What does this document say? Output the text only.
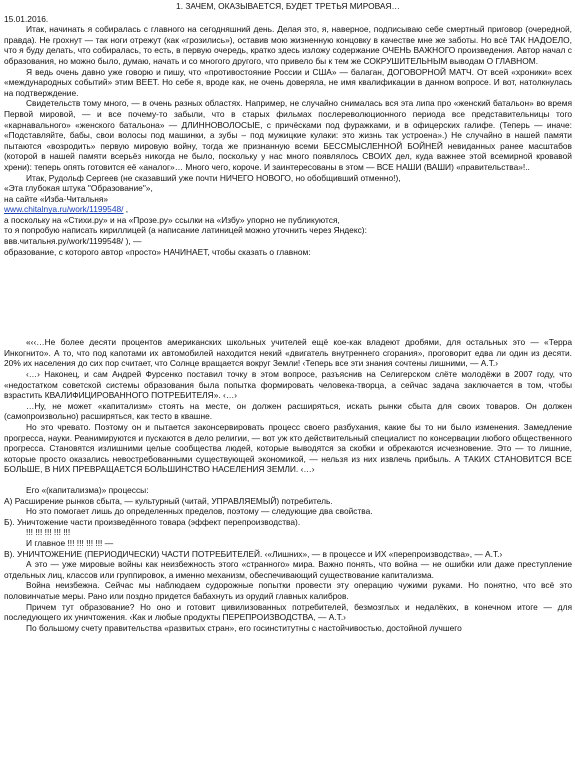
1. ЗАЧЕМ, ОКАЗЫВАЕТСЯ, БУДЕТ ТРЕТЬЯ МИРОВАЯ…

15.01.2016.

Итак, начинать я собиралась с главного на сегодняшний день. Делая это, я, наверное, подписываю себе смертный приговор (очередной, правда). Не грохнут — так ноги отрежут (как «грозились»), оставив мою жизненную концовку в качестве мне же заботы. Но всё ТАК НАДОЕЛО, что я буду делать, что собиралась, то есть, в первую очередь, кратко здесь изложу содержание ОЧЕНЬ ВАЖНОГО произведения. Автор начал с образования, но можно было, думаю, начать и со многого другого, что привело бы к тем же СОКРУШИТЕЛЬНЫМ выводам О ГЛАВНОМ.

Я ведь очень давно уже говорю и пишу, что «противостояние России и США» — балаган, ДОГОВОРНОЙ МАТЧ. От всей «хроники» всех «международных событий» этим ВЕЕТ. Но себе я, вроде как, не очень доверяла, не имя квалификации в данном вопросе. И вот, натолкнулась на подтверждение.

Свидетельств тому много, — в очень разных областях. Например, не случайно снималась вся эта липа про «женский батальон» во время Первой мировой, — и все почему-то забыли, что в старых фильмах послереволюционного периода все представительницы того «карнавального» «женского батальона» — ДЛИННОВОЛОСЫЕ, с причёсками под фуражками, и в офицерских галифе. (Теперь — иначе: «Подставляйте, бабы, свои волосы под машинки, а зубы – под мужицкие кулаки: это жизнь так устроена».) Не случайно в нашей памяти пытаются «возродить» первую мировую войну, тогда же признанную всеми БЕССМЫСЛЕННОЙ БОЙНЕЙ невиданных ранее масштабов (которой в нашей памяти всерьёз никогда не было, поскольку у нас много появлялось СВОИХ дел, куда важнее этой всемирной кровавой хрени): теперь опять готовится её «аналог»… Много чего, короче. И заинтересованы в этом — ВСЕ НАШИ (ВАШИ) «правительства»!..

Итак, Рудольф Сергеев (не сказавший уже почти НИЧЕГО НОВОГО, но обобщивший отменно!),

«Эта глубокая штука "Образование"»,

на сайте «Изба-Читальня»

www.chitalnya.ru/work/1199548/ ,

а поскольку на «Стихи.ру» и на «Прозе.ру» ссылки на «Избу» упорно не публикуются,

то я попробую написать кириллицей (а написание латиницей можно уточнить через Яндекс):

ввв.читальня.ру/work/1199548/ ), —

образование, с которого автор «просто» НАЧИНАЕТ, чтобы сказать о главном:

«‹‹…Не более десяти процентов американских школьных учителей ещё кое-как владеют дробями, для остальных это — «Терра Инкогнито». А то, что под капотами их автомобилей находится некий «двигатель внутреннего сгорания», проговорит едва ли один из десяти. 20% их населения до сих пор считает, что Солнце вращается вокруг Земли! ‹Теперь все эти знания сочтены лишними, — А.Т.›

‹…› Наконец, и сам Андрей Фурсенко поставил точку в этом вопросе, разъяснив на Селигерском слёте молодёжи в 2007 году, что «недостатком советской системы образования была попытка формировать человека-творца, а сейчас задача заключается в том, чтобы взрастить КВАЛИФИЦИРОВАННОГО ПОТРЕБИТЕЛЯ». ‹…›

…Ну, не может «капитализм» стоять на месте, он должен расширяться, искать рынки сбыта для своих товаров. Он должен (самопроизвольно) расширяться, как тесто в квашне.

Но это чревато. Поэтому он и пытается законсервировать процесс своего разбухания, какие бы то ни было изменения. Замедление прогресса, науки. Реанимируются и пускаются в дело религии, — вот уж кто действительный специалист по консервации любого общественного прогресса. Становятся излишними целые сообщества людей, которые выводятся за скобки и обрекаются исчезновение. Это — то лишние, которые просто оказались невостребованными существующей экономикой, — нельзя из них извлечь прибыль. А ТАКИХ СТАНОВИТСЯ ВСЕ БОЛЬШЕ, В НИХ ПРЕВРАЩАЕТСЯ БОЛЬШИНСТВО НАСЕЛЕНИЯ ЗЕМЛИ. ‹…›

Его «(капитализма)» процессы:

А) Расширение рынков сбыта, — культурный (читай, УПРАВЛЯЕМЫЙ) потребитель.

Но это помогает лишь до определенных пределов, поэтому — следующие два свойства.

Б). Уничтожение части произведённого товара (эффект перепроизводства).

!!! !!! !!! !!! !!!

И главное !!! !!! !!! !!! —

В). УНИЧТОЖЕНИЕ (ПЕРИОДИЧЕСКИ) ЧАСТИ ПОТРЕБИТЕЛЕЙ. ‹«Лишних», — в процессе и ИХ «перепроизводства», — А.Т.›

А это — уже мировые войны как неизбежность этого «странного» мира. Важно понять, что война — не ошибки или даже преступление отдельных лиц, классов или группировок, а именно механизм, обеспечивающий существование капитализма.

Война неизбежна. Сейчас мы наблюдаем судорожные попытки провести эту операцию чужими руками. Но понятно, что всё это половинчатые меры. Рано или поздно придется бабахнуть из орудий главных калибров.

Причем тут образование? Но оно и готовит цивилизованных потребителей, безмозглых и недалёких, в конечном итоге — для последующего их уничтожения. ‹Как и любые продукты ПЕРЕПРОИЗВОДСТВА, — А.Т.›

По большому счету правительства «развитых стран», его госинститутны с настойчивостью, достойной лучшего
